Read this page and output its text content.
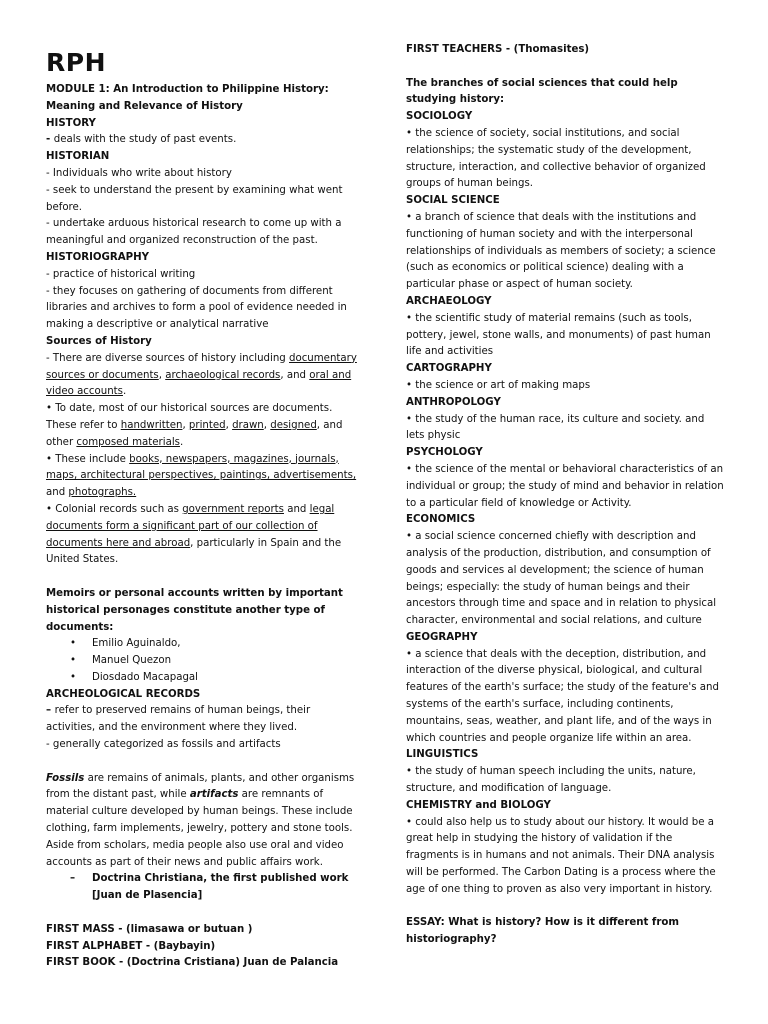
RPH

MODULE 1: An Introduction to Philippine History: Meaning and Relevance of History

HISTORY

- deals with the study of past events.

HISTORIAN

- Individuals who write about history

- seek to understand the present by examining what went before.

- undertake arduous historical research to come up with a meaningful and organized reconstruction of the past.

HISTORIOGRAPHY

- practice of historical writing

- they focuses on gathering of documents from different libraries and archives to form a pool of evidence needed in making a descriptive or analytical narrative

Sources of History

- There are diverse sources of history including documentary sources or documents, archaeological records, and oral and video accounts.

• To date, most of our historical sources are documents. These refer to handwritten, printed, drawn, designed, and other composed materials.

• These include books, newspapers, magazines, journals, maps, architectural perspectives, paintings, advertisements, and photographs.

• Colonial records such as government reports and legal documents form a significant part of our collection of documents here and abroad, particularly in Spain and the United States.

Memoirs or personal accounts written by important historical personages constitute another type of documents:

• Emilio Aguinaldo,

• Manuel Quezon

• Diosdado Macapagal

ARCHEOLOGICAL RECORDS

– refer to preserved remains of human beings, their activities, and the environment where they lived.

- generally categorized as fossils and artifacts

Fossils are remains of animals, plants, and other organisms from the distant past, while artifacts are remnants of material culture developed by human beings. These include clothing, farm implements, jewelry, pottery and stone tools. Aside from scholars, media people also use oral and video accounts as part of their news and public affairs work.

– Doctrina Christiana, the first published work [Juan de Plasencia]

FIRST MASS - (limasawa or butuan )

FIRST ALPHABET - (Baybayin)

FIRST BOOK - (Doctrina Cristiana) Juan de Palancia

FIRST TEACHERS - (Thomasites)

The branches of social sciences that could help studying history:

SOCIOLOGY

• the science of society, social institutions, and social relationships; the systematic study of the development, structure, interaction, and collective behavior of organized groups of human beings.

SOCIAL SCIENCE

• a branch of science that deals with the institutions and functioning of human society and with the interpersonal relationships of individuals as members of society; a science (such as economics or political science) dealing with a particular phase or aspect of human society.

ARCHAEOLOGY

• the scientific study of material remains (such as tools, pottery, jewel, stone walls, and monuments) of past human life and activities

CARTOGRAPHY

• the science or art of making maps

ANTHROPOLOGY

• the study of the human race, its culture and society. and lets physic

PSYCHOLOGY

• the science of the mental or behavioral characteristics of an individual or group; the study of mind and behavior in relation to a particular field of knowledge or Activity.

ECONOMICS

• a social science concerned chiefly with description and analysis of the production, distribution, and consumption of goods and services al development; the science of human beings; especially: the study of human beings and their ancestors through time and space and in relation to physical character, environmental and social relations, and culture

GEOGRAPHY

• a science that deals with the deception, distribution, and interaction of the diverse physical, biological, and cultural features of the earth's surface; the study of the feature's and systems of the earth's surface, including continents, mountains, seas, weather, and plant life, and of the ways in which countries and people organize life within an area.

LINGUISTICS

• the study of human speech including the units, nature, structure, and modification of language.

CHEMISTRY and BIOLOGY

• could also help us to study about our history. It would be a great help in studying the history of validation if the fragments is in humans and not animals. Their DNA analysis will be performed. The Carbon Dating is a process where the age of one thing to proven as also very important in history.

ESSAY: What is history? How is it different from historiography?
